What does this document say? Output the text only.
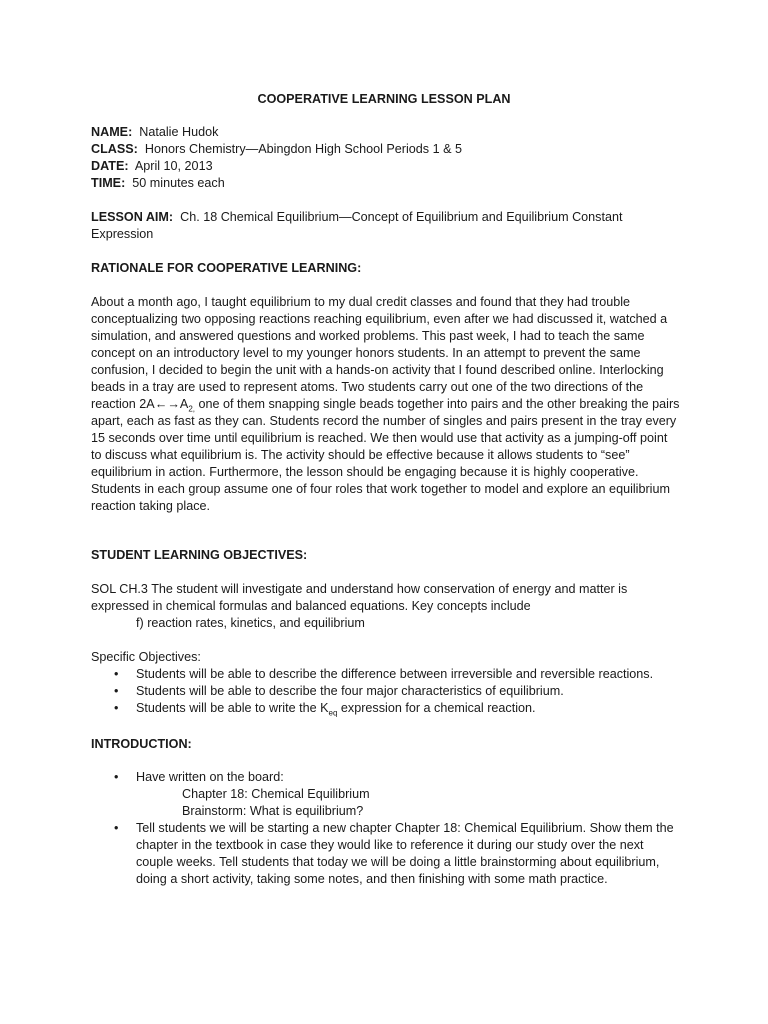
COOPERATIVE LEARNING LESSON PLAN
NAME: Natalie Hudok
CLASS: Honors Chemistry—Abingdon High School Periods 1 & 5
DATE: April 10, 2013
TIME: 50 minutes each

LESSON AIM: Ch. 18 Chemical Equilibrium—Concept of Equilibrium and Equilibrium Constant Expression

RATIONALE FOR COOPERATIVE LEARNING:

About a month ago, I taught equilibrium to my dual credit classes and found that they had trouble conceptualizing two opposing reactions reaching equilibrium, even after we had discussed it, watched a simulation, and answered questions and worked problems. This past week, I had to teach the same concept on an introductory level to my younger honors students. In an attempt to prevent the same confusion, I decided to begin the unit with a hands-on activity that I found described online. Interlocking beads in a tray are used to represent atoms. Two students carry out one of the two directions of the reaction $2A\leftarrow\to A_{2,}$ one of them snapping single beads together into pairs and the other breaking the pairs apart, each as fast as they can. Students record the number of singles and pairs present in the tray every 15 seconds over time until equilibrium is reached. We then would use that activity as a jumping-off point to discuss what equilibrium is. The activity should be effective because it allows students to “see” equilibrium in action. Furthermore, the lesson should be engaging because it is highly cooperative. Students in each group assume one of four roles that work together to model and explore an equilibrium reaction taking place.

STUDENT LEARNING OBJECTIVES:

SOL CH.3 The student will investigate and understand how conservation of energy and matter is expressed in chemical formulas and balanced equations. Key concepts include

f) reaction rates, kinetics, and equilibrium
Specific Objectives:
• Students will be able to describe the difference between irreversible and reversible reactions.

• Students will be able to describe the four major characteristics of equilibrium.

• Students will be able to write the $K_{eq}$ expression for a chemical reaction.

INTRODUCTION:
• Have written on the board:

Chapter 18: Chemical Equilibrium
Brainstorm: What is equilibrium?
• Tell students we will be starting a new chapter Chapter 18: Chemical Equilibrium. Show them the chapter in the textbook in case they would like to reference it during our study over the next couple weeks. Tell students that today we will be doing a little brainstorming about equilibrium, doing a short activity, taking some notes, and then finishing with some math practice.
